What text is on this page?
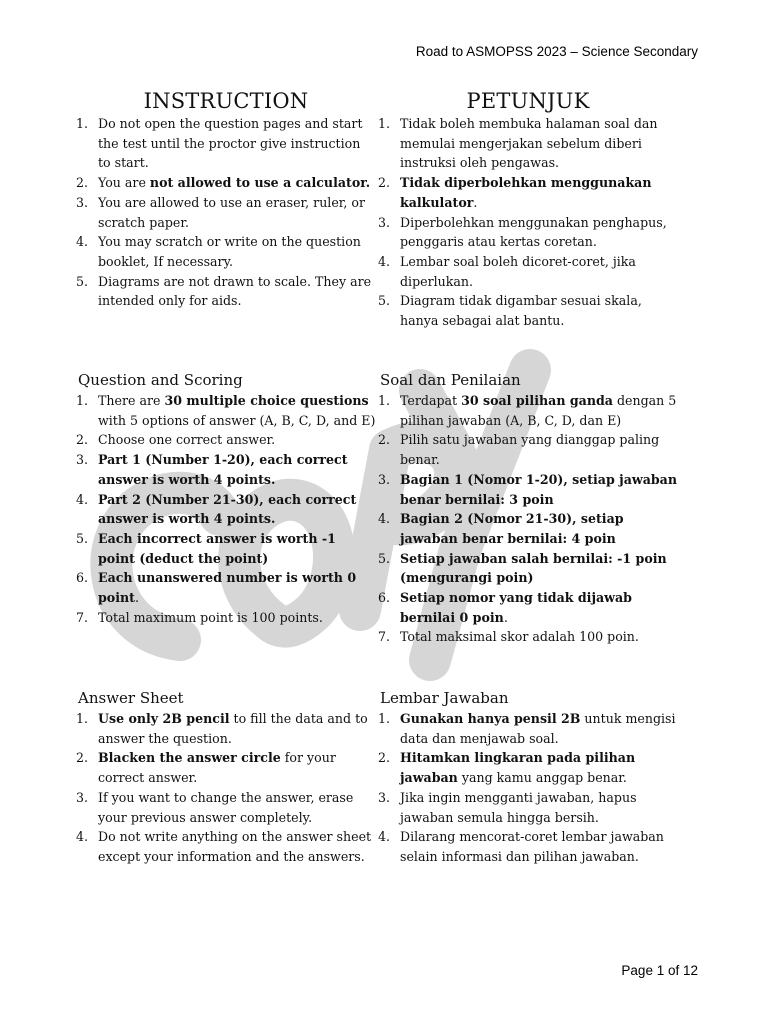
Road to ASMOPSS 2023 – Science Secondary
INSTRUCTION
1. Do not open the question pages and start the test until the proctor give instruction to start.
2. You are not allowed to use a calculator.
3. You are allowed to use an eraser, ruler, or scratch paper.
4. You may scratch or write on the question booklet, If necessary.
5. Diagrams are not drawn to scale. They are intended only for aids.
Question and Scoring
1. There are 30 multiple choice questions with 5 options of answer (A, B, C, D, and E)
2. Choose one correct answer.
3. Part 1 (Number 1-20), each correct answer is worth 4 points.
4. Part 2 (Number 21-30), each correct answer is worth 4 points.
5. Each incorrect answer is worth -1 point (deduct the point)
6. Each unanswered number is worth 0 point.
7. Total maximum point is 100 points.
Answer Sheet
1. Use only 2B pencil to fill the data and to answer the question.
2. Blacken the answer circle for your correct answer.
3. If you want to change the answer, erase your previous answer completely.
4. Do not write anything on the answer sheet except your information and the answers.
PETUNJUK
1. Tidak boleh membuka halaman soal dan memulai mengerjakan sebelum diberi instruksi oleh pengawas.
2. Tidak diperbolehkan menggunakan kalkulator.
3. Diperbolehkan menggunakan penghapus, penggaris atau kertas coretan.
4. Lembar soal boleh dicoret-coret, jika diperlukan.
5. Diagram tidak digambar sesuai skala, hanya sebagai alat bantu.
Soal dan Penilaian
1. Terdapat 30 soal pilihan ganda dengan 5 pilihan jawaban (A, B, C, D, dan E)
2. Pilih satu jawaban yang dianggap paling benar.
3. Bagian 1 (Nomor 1-20), setiap jawaban benar bernilai: 3 poin
4. Bagian 2 (Nomor 21-30), setiap jawaban benar bernilai: 4 poin
5. Setiap jawaban salah bernilai: -1 poin (mengurangi poin)
6. Setiap nomor yang tidak dijawab bernilai 0 poin.
7. Total maksimal skor adalah 100 poin.
Lembar Jawaban
1. Gunakan hanya pensil 2B untuk mengisi data dan menjawab soal.
2. Hitamkan lingkaran pada pilihan jawaban yang kamu anggap benar.
3. Jika ingin mengganti jawaban, hapus jawaban semula hingga bersih.
4. Dilarang mencorat-coret lembar jawaban selain informasi dan pilihan jawaban.
Page 1 of 12
